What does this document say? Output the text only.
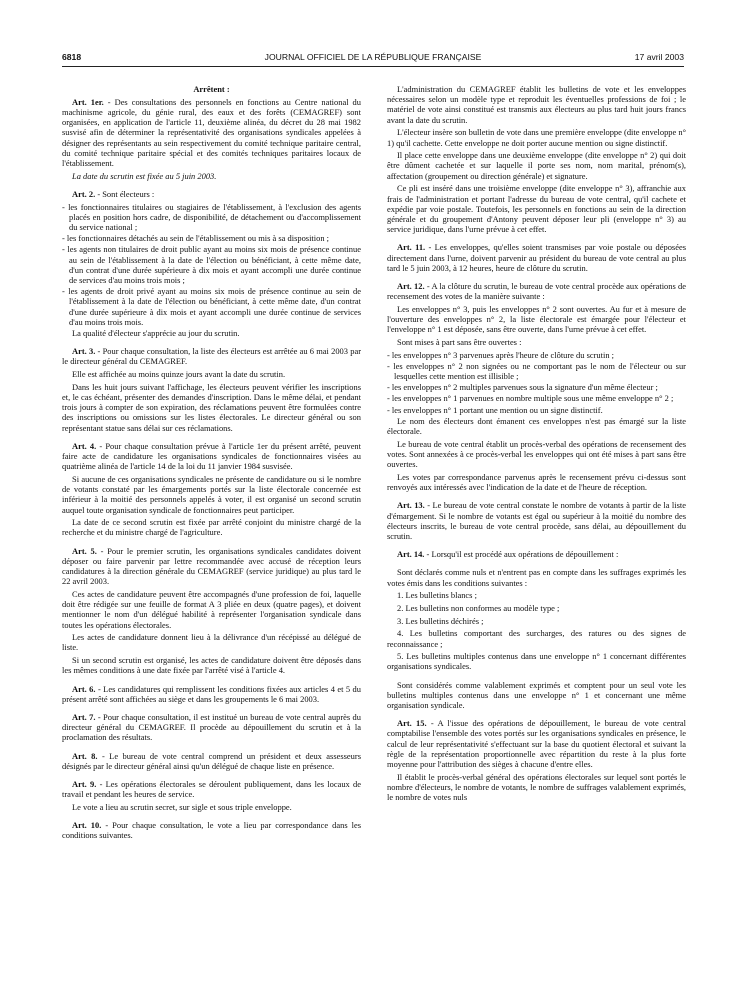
6818	JOURNAL OFFICIEL DE LA RÉPUBLIQUE FRANÇAISE	17 avril 2003

Arrêtent :

Art. 1er. - Des consultations des personnels en fonctions au Centre national du machinisme agricole, du génie rural, des eaux et des forêts (CEMAGREF) sont organisées, en application de l'article 11, deuxième alinéa, du décret du 28 mai 1982 susvisé afin de déterminer la représentativité des organisations syndicales appelées à désigner des représentants au sein respectivement du comité technique paritaire central, du comité technique paritaire spécial et des comités techniques paritaires locaux de l'établissement.

La date du scrutin est fixée au 5 juin 2003.

Art. 2. - Sont électeurs :

- les fonctionnaires titulaires ou stagiaires de l'établissement, à l'exclusion des agents placés en position hors cadre, de disponibilité, de détachement ou d'accomplissement du service national ;

- les fonctionnaires détachés au sein de l'établissement ou mis à sa disposition ;

- les agents non titulaires de droit public ayant au moins six mois de présence continue au sein de l'établissement à la date de l'élection ou bénéficiant, à cette même date, d'un contrat d'une durée supérieure à dix mois et ayant accompli une durée continue de services d'au moins trois mois ;

- les agents de droit privé ayant au moins six mois de présence continue au sein de l'établissement à la date de l'élection ou bénéficiant, à cette même date, d'un contrat d'une durée supérieure à dix mois et ayant accompli une durée continue de services d'au moins trois mois.

La qualité d'électeur s'apprécie au jour du scrutin.

Art. 3. - Pour chaque consultation, la liste des électeurs est arrêtée au 6 mai 2003 par le directeur général du CEMAGREF.

Elle est affichée au moins quinze jours avant la date du scrutin.

Dans les huit jours suivant l'affichage, les électeurs peuvent vérifier les inscriptions et, le cas échéant, présenter des demandes d'inscription. Dans le même délai, et pendant trois jours à compter de son expiration, des réclamations peuvent être formulées contre des inscriptions ou omissions sur les listes électorales. Le directeur général ou son représentant statue sans délai sur ces réclamations.

Art. 4. - Pour chaque consultation prévue à l'article 1er du présent arrêté, peuvent faire acte de candidature les organisations syndicales de fonctionnaires visées au quatrième alinéa de l'article 14 de la loi du 11 janvier 1984 susvisée.

Si aucune de ces organisations syndicales ne présente de candidature ou si le nombre de votants constaté par les émargements portés sur la liste électorale concernée est inférieur à la moitié des personnels appelés à voter, il est organisé un second scrutin auquel toute organisation syndicale de fonctionnaires peut participer.

La date de ce second scrutin est fixée par arrêté conjoint du ministre chargé de la recherche et du ministre chargé de l'agriculture.

Art. 5. - Pour le premier scrutin, les organisations syndicales candidates doivent déposer ou faire parvenir par lettre recommandée avec accusé de réception leurs candidatures à la direction générale du CEMAGREF (service juridique) au plus tard le 22 avril 2003.

Ces actes de candidature peuvent être accompagnés d'une profession de foi, laquelle doit être rédigée sur une feuille de format A 3 pliée en deux (quatre pages), et doivent mentionner le nom d'un délégué habilité à représenter l'organisation syndicale dans toutes les opérations électorales.

Les actes de candidature donnent lieu à la délivrance d'un récépissé au délégué de liste.

Si un second scrutin est organisé, les actes de candidature doivent être déposés dans les mêmes conditions à une date fixée par l'arrêté visé à l'article 4.

Art. 6. - Les candidatures qui remplissent les conditions fixées aux articles 4 et 5 du présent arrêté sont affichées au siège et dans les groupements le 6 mai 2003.

Art. 7. - Pour chaque consultation, il est institué un bureau de vote central auprès du directeur général du CEMAGREF. Il procède au dépouillement du scrutin et à la proclamation des résultats.

Art. 8. - Le bureau de vote central comprend un président et deux assesseurs désignés par le directeur général ainsi qu'un délégué de chaque liste en présence.

Art. 9. - Les opérations électorales se déroulent publiquement, dans les locaux de travail et pendant les heures de service.

Le vote a lieu au scrutin secret, sur sigle et sous triple enveloppe.

Art. 10. - Pour chaque consultation, le vote a lieu par correspondance dans les conditions suivantes.

L'administration du CEMAGREF établit les bulletins de vote et les enveloppes nécessaires selon un modèle type et reproduit les éventuelles professions de foi ; le matériel de vote ainsi constitué est transmis aux électeurs au plus tard huit jours francs avant la date du scrutin.

L'électeur insère son bulletin de vote dans une première enveloppe (dite enveloppe n° 1) qu'il cachette. Cette enveloppe ne doit porter aucune mention ou signe distinctif.

Il place cette enveloppe dans une deuxième enveloppe (dite enveloppe n° 2) qui doit être dûment cachetée et sur laquelle il porte ses nom, nom marital, prénom(s), affectation (groupement ou direction générale) et signature.

Ce pli est inséré dans une troisième enveloppe (dite enveloppe n° 3), affranchie aux frais de l'administration et portant l'adresse du bureau de vote central, qu'il cachete et expédie par voie postale. Toutefois, les personnels en fonctions au sein de la direction générale et du groupement d'Antony peuvent déposer leur pli (enveloppe n° 3) au service juridique, dans l'urne prévue à cet effet.

Art. 11. - Les enveloppes, qu'elles soient transmises par voie postale ou déposées directement dans l'urne, doivent parvenir au président du bureau de vote central au plus tard le 5 juin 2003, à 12 heures, heure de clôture du scrutin.

Art. 12. - A la clôture du scrutin, le bureau de vote central procède aux opérations de recensement des votes de la manière suivante :

Les enveloppes n° 3, puis les enveloppes n° 2 sont ouvertes. Au fur et à mesure de l'ouverture des enveloppes n° 2, la liste électorale est émargée pour l'électeur et l'enveloppe n° 1 est déposée, sans être ouverte, dans l'urne prévue à cet effet.

Sont mises à part sans être ouvertes :

- les enveloppes n° 3 parvenues après l'heure de clôture du scrutin ;

- les enveloppes n° 2 non signées ou ne comportant pas le nom de l'électeur ou sur lesquelles cette mention est illisible ;

- les enveloppes n° 2 multiples parvenues sous la signature d'un même électeur ;

- les enveloppes n° 1 parvenues en nombre multiple sous une même enveloppe n° 2 ;

- les enveloppes n° 1 portant une mention ou un signe distinctif.

Le nom des électeurs dont émanent ces enveloppes n'est pas émargé sur la liste électorale.

Le bureau de vote central établit un procès-verbal des opérations de recensement des votes. Sont annexées à ce procès-verbal les enveloppes qui ont été mises à part sans être ouvertes.

Les votes par correspondance parvenus après le recensement prévu ci-dessus sont renvoyés aux intéressés avec l'indication de la date et de l'heure de réception.

Art. 13. - Le bureau de vote central constate le nombre de votants à partir de la liste d'émargement. Si le nombre de votants est égal ou supérieur à la moitié du nombre des électeurs inscrits, le bureau de vote central procède, sans délai, au dépouillement du scrutin.

Art. 14. - Lorsqu'il est procédé aux opérations de dépouillement :

Sont déclarés comme nuls et n'entrent pas en compte dans les suffrages exprimés les votes émis dans les conditions suivantes :

1. Les bulletins blancs ;

2. Les bulletins non conformes au modèle type ;

3. Les bulletins déchirés ;

4. Les bulletins comportant des surcharges, des ratures ou des signes de reconnaissance ;

5. Les bulletins multiples contenus dans une enveloppe n° 1 concernant différentes organisations syndicales.

Sont considérés comme valablement exprimés et comptent pour un seul vote les bulletins multiples contenus dans une enveloppe n° 1 et concernant une même organisation syndicale.

Art. 15. - A l'issue des opérations de dépouillement, le bureau de vote central comptabilise l'ensemble des votes portés sur les organisations syndicales en présence, le calcul de leur représentativité s'effectuant sur la base du quotient électoral et suivant la règle de la représentation proportionnelle avec répartition du reste à la plus forte moyenne pour l'attribution des sièges à chacune d'entre elles.

Il établit le procès-verbal général des opérations électorales sur lequel sont portés le nombre d'électeurs, le nombre de votants, le nombre de suffrages valablement exprimés, le nombre de votes nuls
